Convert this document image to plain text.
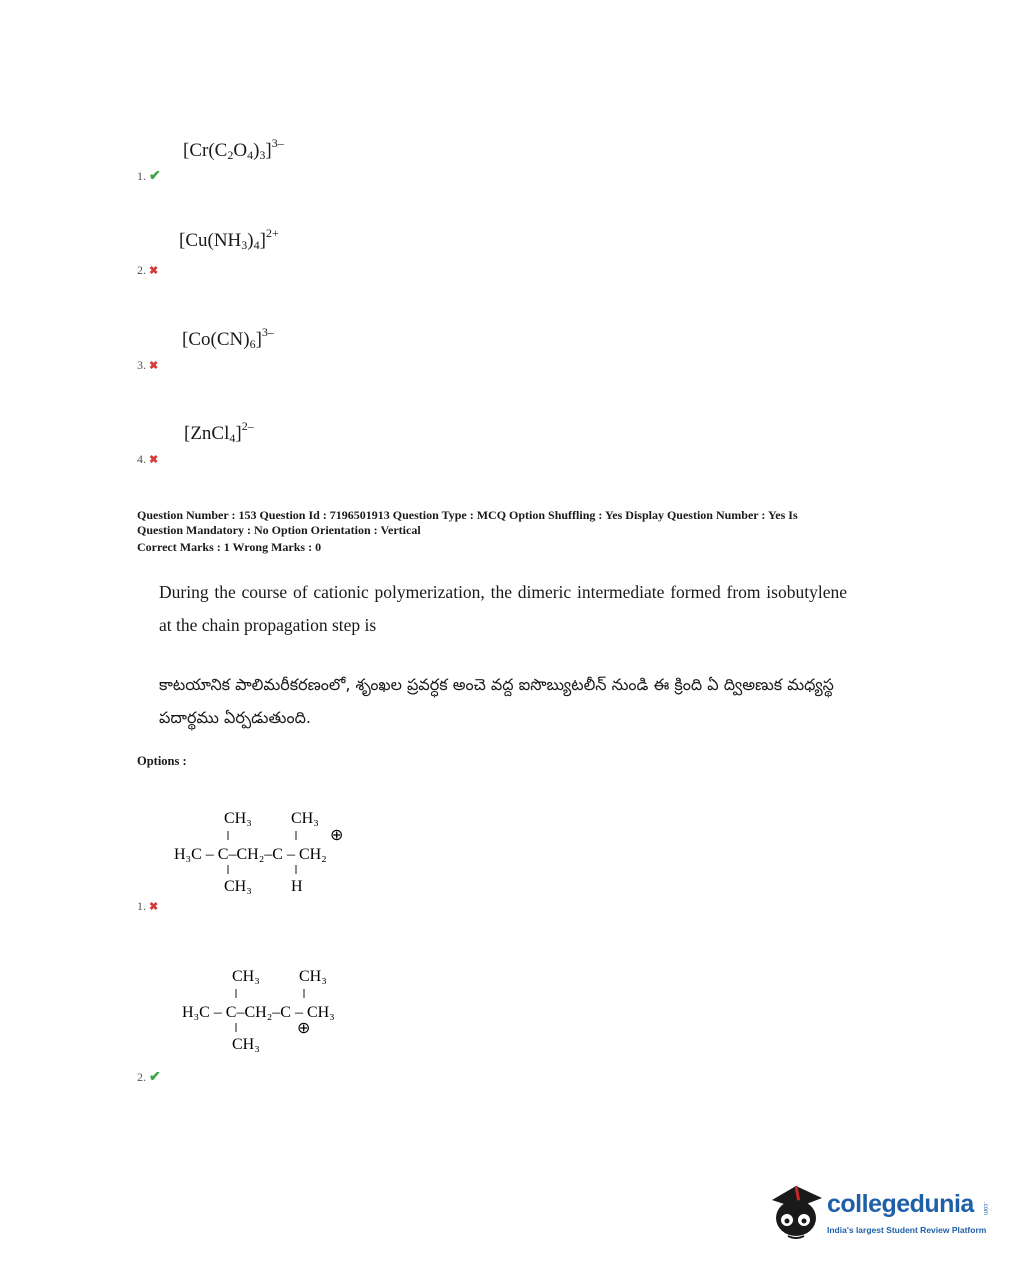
$[Cr(C_2O_4)_3]^{3-}$
1. ✔
$[Cu(NH_3)_4]^{2+}$
2. ✖
$[Co(CN)_6]^{3-}$
3. ✖
[ZnCl$_4$]$^{2-}$
4. ✖
Question Number : 153 Question Id : 7196501913 Question Type : MCQ Option Shuffling : Yes Display Question Number : Yes Is
Question Mandatory : No Option Orientation : Vertical
Correct Marks : 1 Wrong Marks : 0
During the course of cationic polymerization, the dimeric intermediate formed from isobutylene at the chain propagation step is
కాటయానిక పాలిమరీకరణంలో, శృంఖల ప్రవర్ధక అంచె వద్ద ఐసొబ్యుటలీన్ నుండి ఈ క్రింది ఏ ద్విఅణుక మధ్యస్థ పదార్థము ఏర్పడుతుంది.
Options :
CH₃ CH₃
⊕
H₃C – C–CH₂–C – CH₂
CH₃ H
1. ✖
CH₃ CH₃
H₃C – C–CH₂–C – CH₃
⊕
CH₃
2. ✔
collegedunia .com
India's largest Student Review Platform
